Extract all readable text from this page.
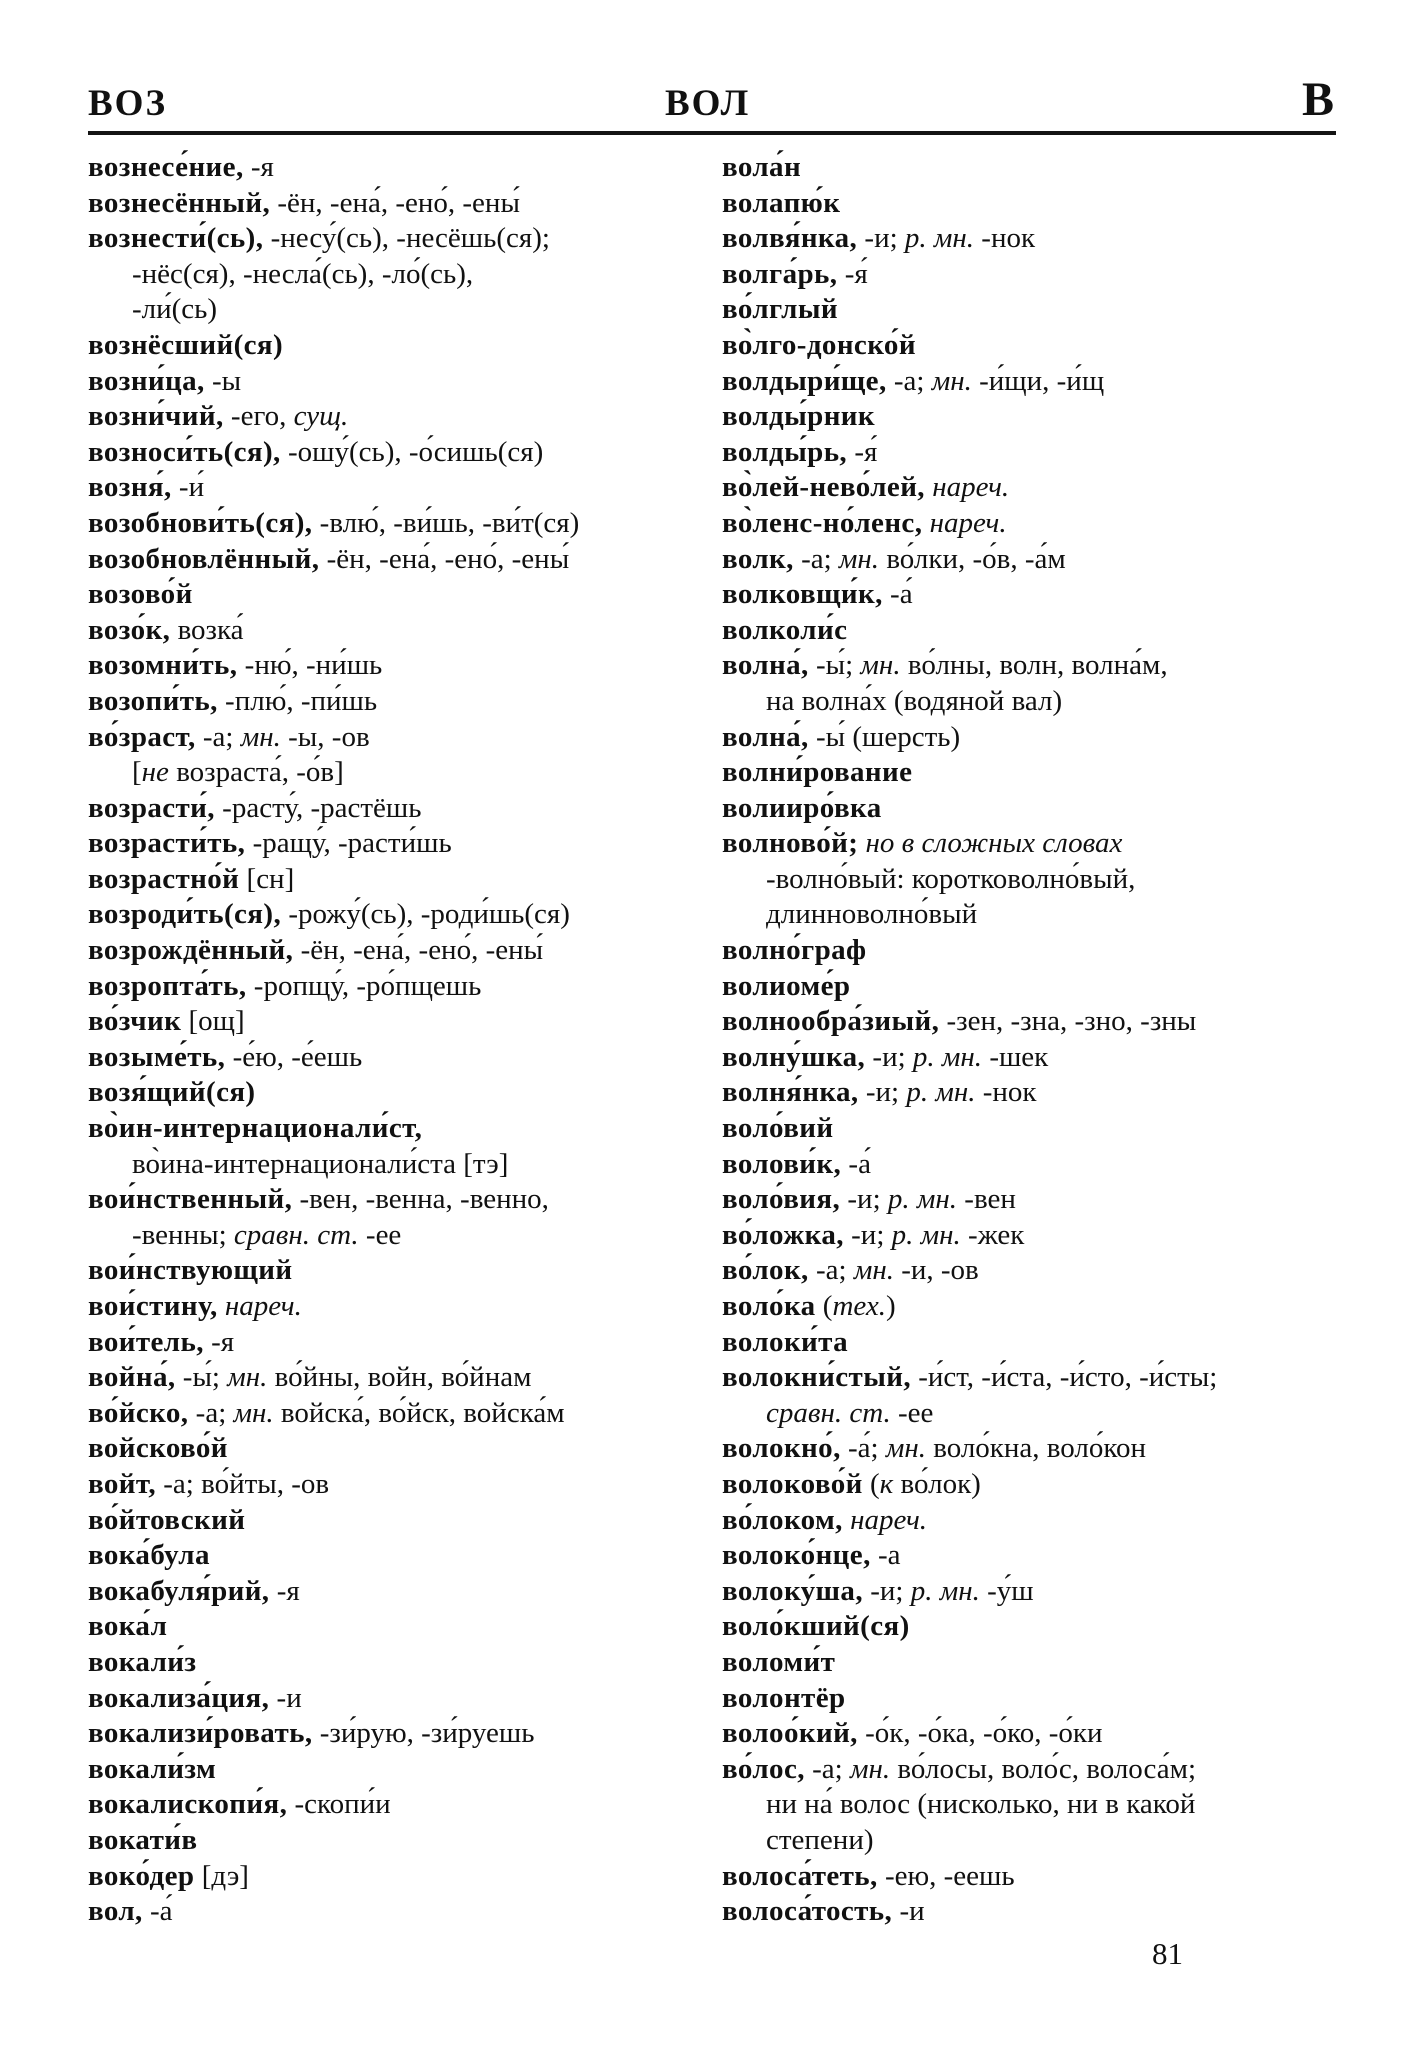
ВОЗ	ВОЛ	В
вознесе́ние, -я
вознесённый, -ён, -ена́, -ено́, -ены́
вознести́(сь), -несу́(сь), -несёшь(ся);
-нёс(ся), -несла́(сь), -ло́(сь),
-ли́(сь)
вознёсший(ся)
возни́ца, -ы
возни́чий, -его, сущ.
возноси́ть(ся), -ошу́(сь), -о́сишь(ся)
возня́, -и́
возобнови́ть(ся), -влю́, -ви́шь, -ви́т(ся)
возобновлённый, -ён, -ена́, -ено́, -ены́
возово́й
возо́к, возка́
возомни́ть, -ню́, -ни́шь
возопи́ть, -плю́, -пи́шь
во́зраст, -а; мн. -ы, -ов
[не возраста́, -о́в]
возрасти́, -расту́, -растёшь
возрасти́ть, -ращу́, -расти́шь
возрастно́й [сн]
возроди́ть(ся), -рожу́(сь), -роди́шь(ся)
возрождённый, -ён, -ена́, -ено́, -ены́
возропта́ть, -ропщу́, -ро́пщешь
во́зчик [ощ]
возыме́ть, -е́ю, -е́ешь
возя́щий(ся)
во̀ин-интернационали́ст,
во̀ина-интернационали́ста [тэ]
вои́нственный, -вен, -венна, -венно,
-венны; сравн. ст. -ее
вои́нствующий
вои́стину, нареч.
вои́тель, -я
война́, -ы́; мн. во́йны, войн, во́йнам
во́йско, -а; мн. войска́, во́йск, войска́м
войсково́й
войт, -а; во́йты, -ов
во́йтовский
вока́була
вокабуля́рий, -я
вока́л
вокали́з
вокализа́ция, -и
вокализи́ровать, -зи́рую, -зи́руешь
вокали́зм
вокалископи́я, -скопи́и
вокати́в
воко́дер [дэ]
вол, -а́
вола́н
волапю́к
волвя́нка, -и; р. мн. -нок
волга́рь, -я́
во́лглый
во̀лго-донско́й
волдыри́ще, -а; мн. -и́щи, -и́щ
волды́рник
волды́рь, -я́
во̀лей-нево́лей, нареч.
во̀ленс-но́ленс, нареч.
волк, -а; мн. во́лки, -о́в, -а́м
волковщи́к, -а́
волколи́с
волна́, -ы́; мн. во́лны, волн, волна́м,
на волна́х (водяной вал)
волна́, -ы́ (шерсть)
волни́рование
волииро́вка
волново́й; но в сложных словах
-волно́вый: коротковолно́вый,
длинноволно́вый
волно́граф
волиоме́р
волнообра́зиый, -зен, -зна, -зно, -зны
волну́шка, -и; р. мн. -шек
волня́нка, -и; р. мн. -нок
воло́вий
волови́к, -а́
воло́вия, -и; р. мн. -вен
во́ложка, -и; р. мн. -жек
во́лок, -а; мн. -и, -ов
воло́ка (тех.)
волоки́та
волокни́стый, -и́ст, -и́ста, -и́сто, -и́сты;
сравн. ст. -ее
волокно́, -а́; мн. воло́кна, воло́кон
волоково́й (к во́лок)
во́локом, нареч.
волоко́нце, -а
волоку́ша, -и; р. мн. -у́ш
воло́кший(ся)
воломи́т
волонтёр
волоо́кий, -о́к, -о́ка, -о́ко, -о́ки
во́лос, -а; мн. во́лосы, воло́с, волоса́м;
ни на́ волос (нисколько, ни в какой
степени)
волоса́теть, -ею, -еешь
волоса́тость, -и
81
